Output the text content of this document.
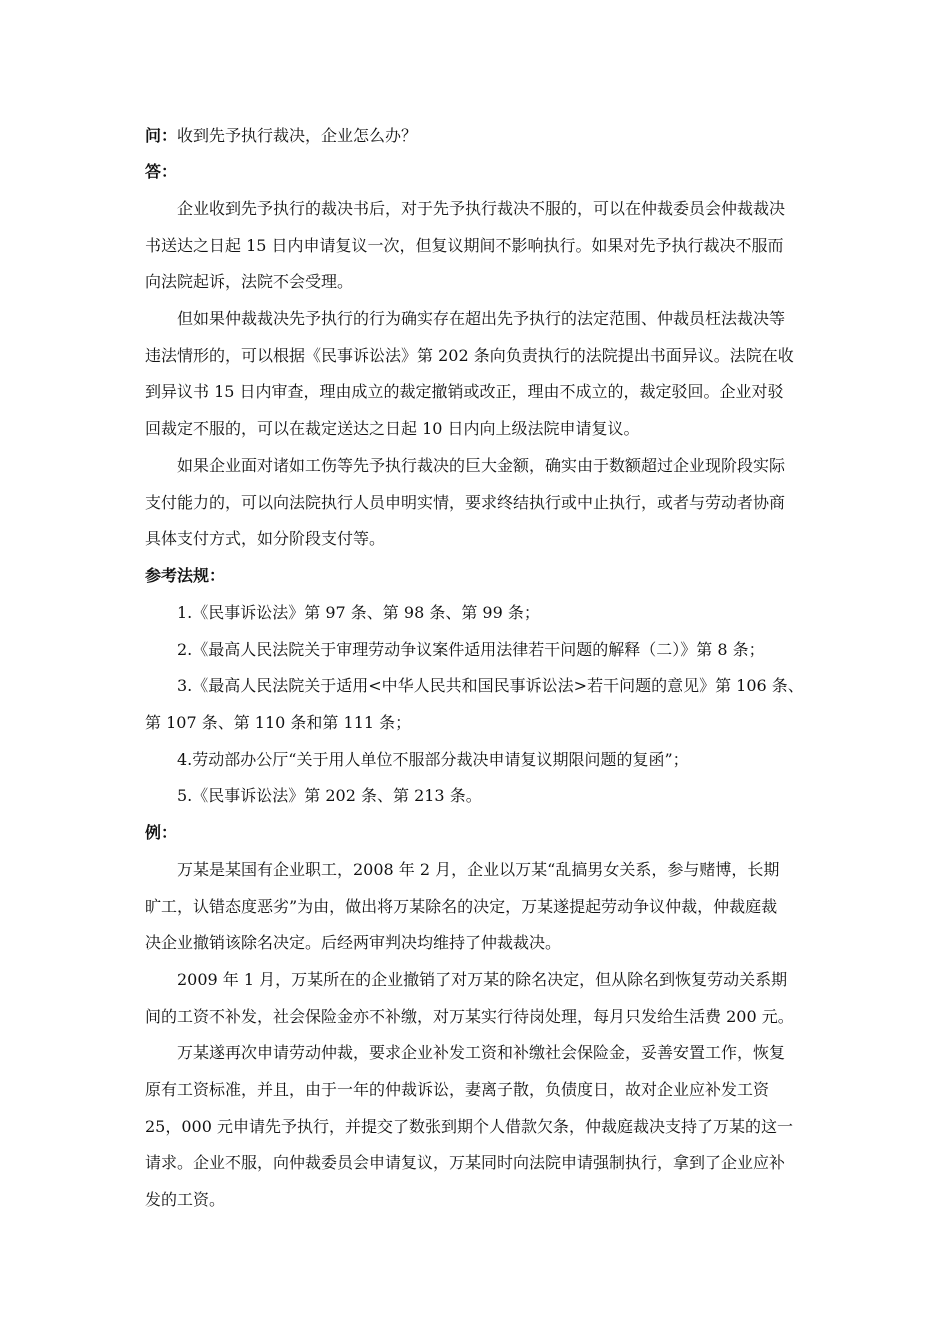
问：收到先予执行裁决，企业怎么办？
答：
企业收到先予执行的裁决书后，对于先予执行裁决不服的，可以在仲裁委员会仲裁裁决
书送达之日起 15 日内申请复议一次，但复议期间不影响执行。如果对先予执行裁决不服而
向法院起诉，法院不会受理。
但如果仲裁裁决先予执行的行为确实存在超出先予执行的法定范围、仲裁员枉法裁决等
违法情形的，可以根据《民事诉讼法》第 202 条向负责执行的法院提出书面异议。法院在收
到异议书 15 日内审查，理由成立的裁定撤销或改正，理由不成立的，裁定驳回。企业对驳
回裁定不服的，可以在裁定送达之日起 10 日内向上级法院申请复议。
如果企业面对诸如工伤等先予执行裁决的巨大金额，确实由于数额超过企业现阶段实际
支付能力的，可以向法院执行人员申明实情，要求终结执行或中止执行，或者与劳动者协商
具体支付方式，如分阶段支付等。
参考法规：
1.《民事诉讼法》第 97 条、第 98 条、第 99 条；
2.《最高人民法院关于审理劳动争议案件适用法律若干问题的解释（二）》第 8 条；
3.《最高人民法院关于适用<中华人民共和国民事诉讼法>若干问题的意见》第 106 条、
第 107 条、第 110 条和第 111 条；
4.劳动部办公厅“关于用人单位不服部分裁决申请复议期限问题的复函”；
5.《民事诉讼法》第 202 条、第 213 条。
例：
万某是某国有企业职工，2008 年 2 月，企业以万某“乱搞男女关系，参与赌博，长期
旷工，认错态度恶劣”为由，做出将万某除名的决定，万某遂提起劳动争议仲裁，仲裁庭裁
决企业撤销该除名决定。后经两审判决均维持了仲裁裁决。
2009 年 1 月，万某所在的企业撤销了对万某的除名决定，但从除名到恢复劳动关系期
间的工资不补发，社会保险金亦不补缴，对万某实行待岗处理，每月只发给生活费 200 元。
万某遂再次申请劳动仲裁，要求企业补发工资和补缴社会保险金，妥善安置工作，恢复
原有工资标准，并且，由于一年的仲裁诉讼，妻离子散，负债度日，故对企业应补发工资
25，000 元申请先予执行，并提交了数张到期个人借款欠条，仲裁庭裁决支持了万某的这一
请求。企业不服，向仲裁委员会申请复议，万某同时向法院申请强制执行，拿到了企业应补
发的工资。
